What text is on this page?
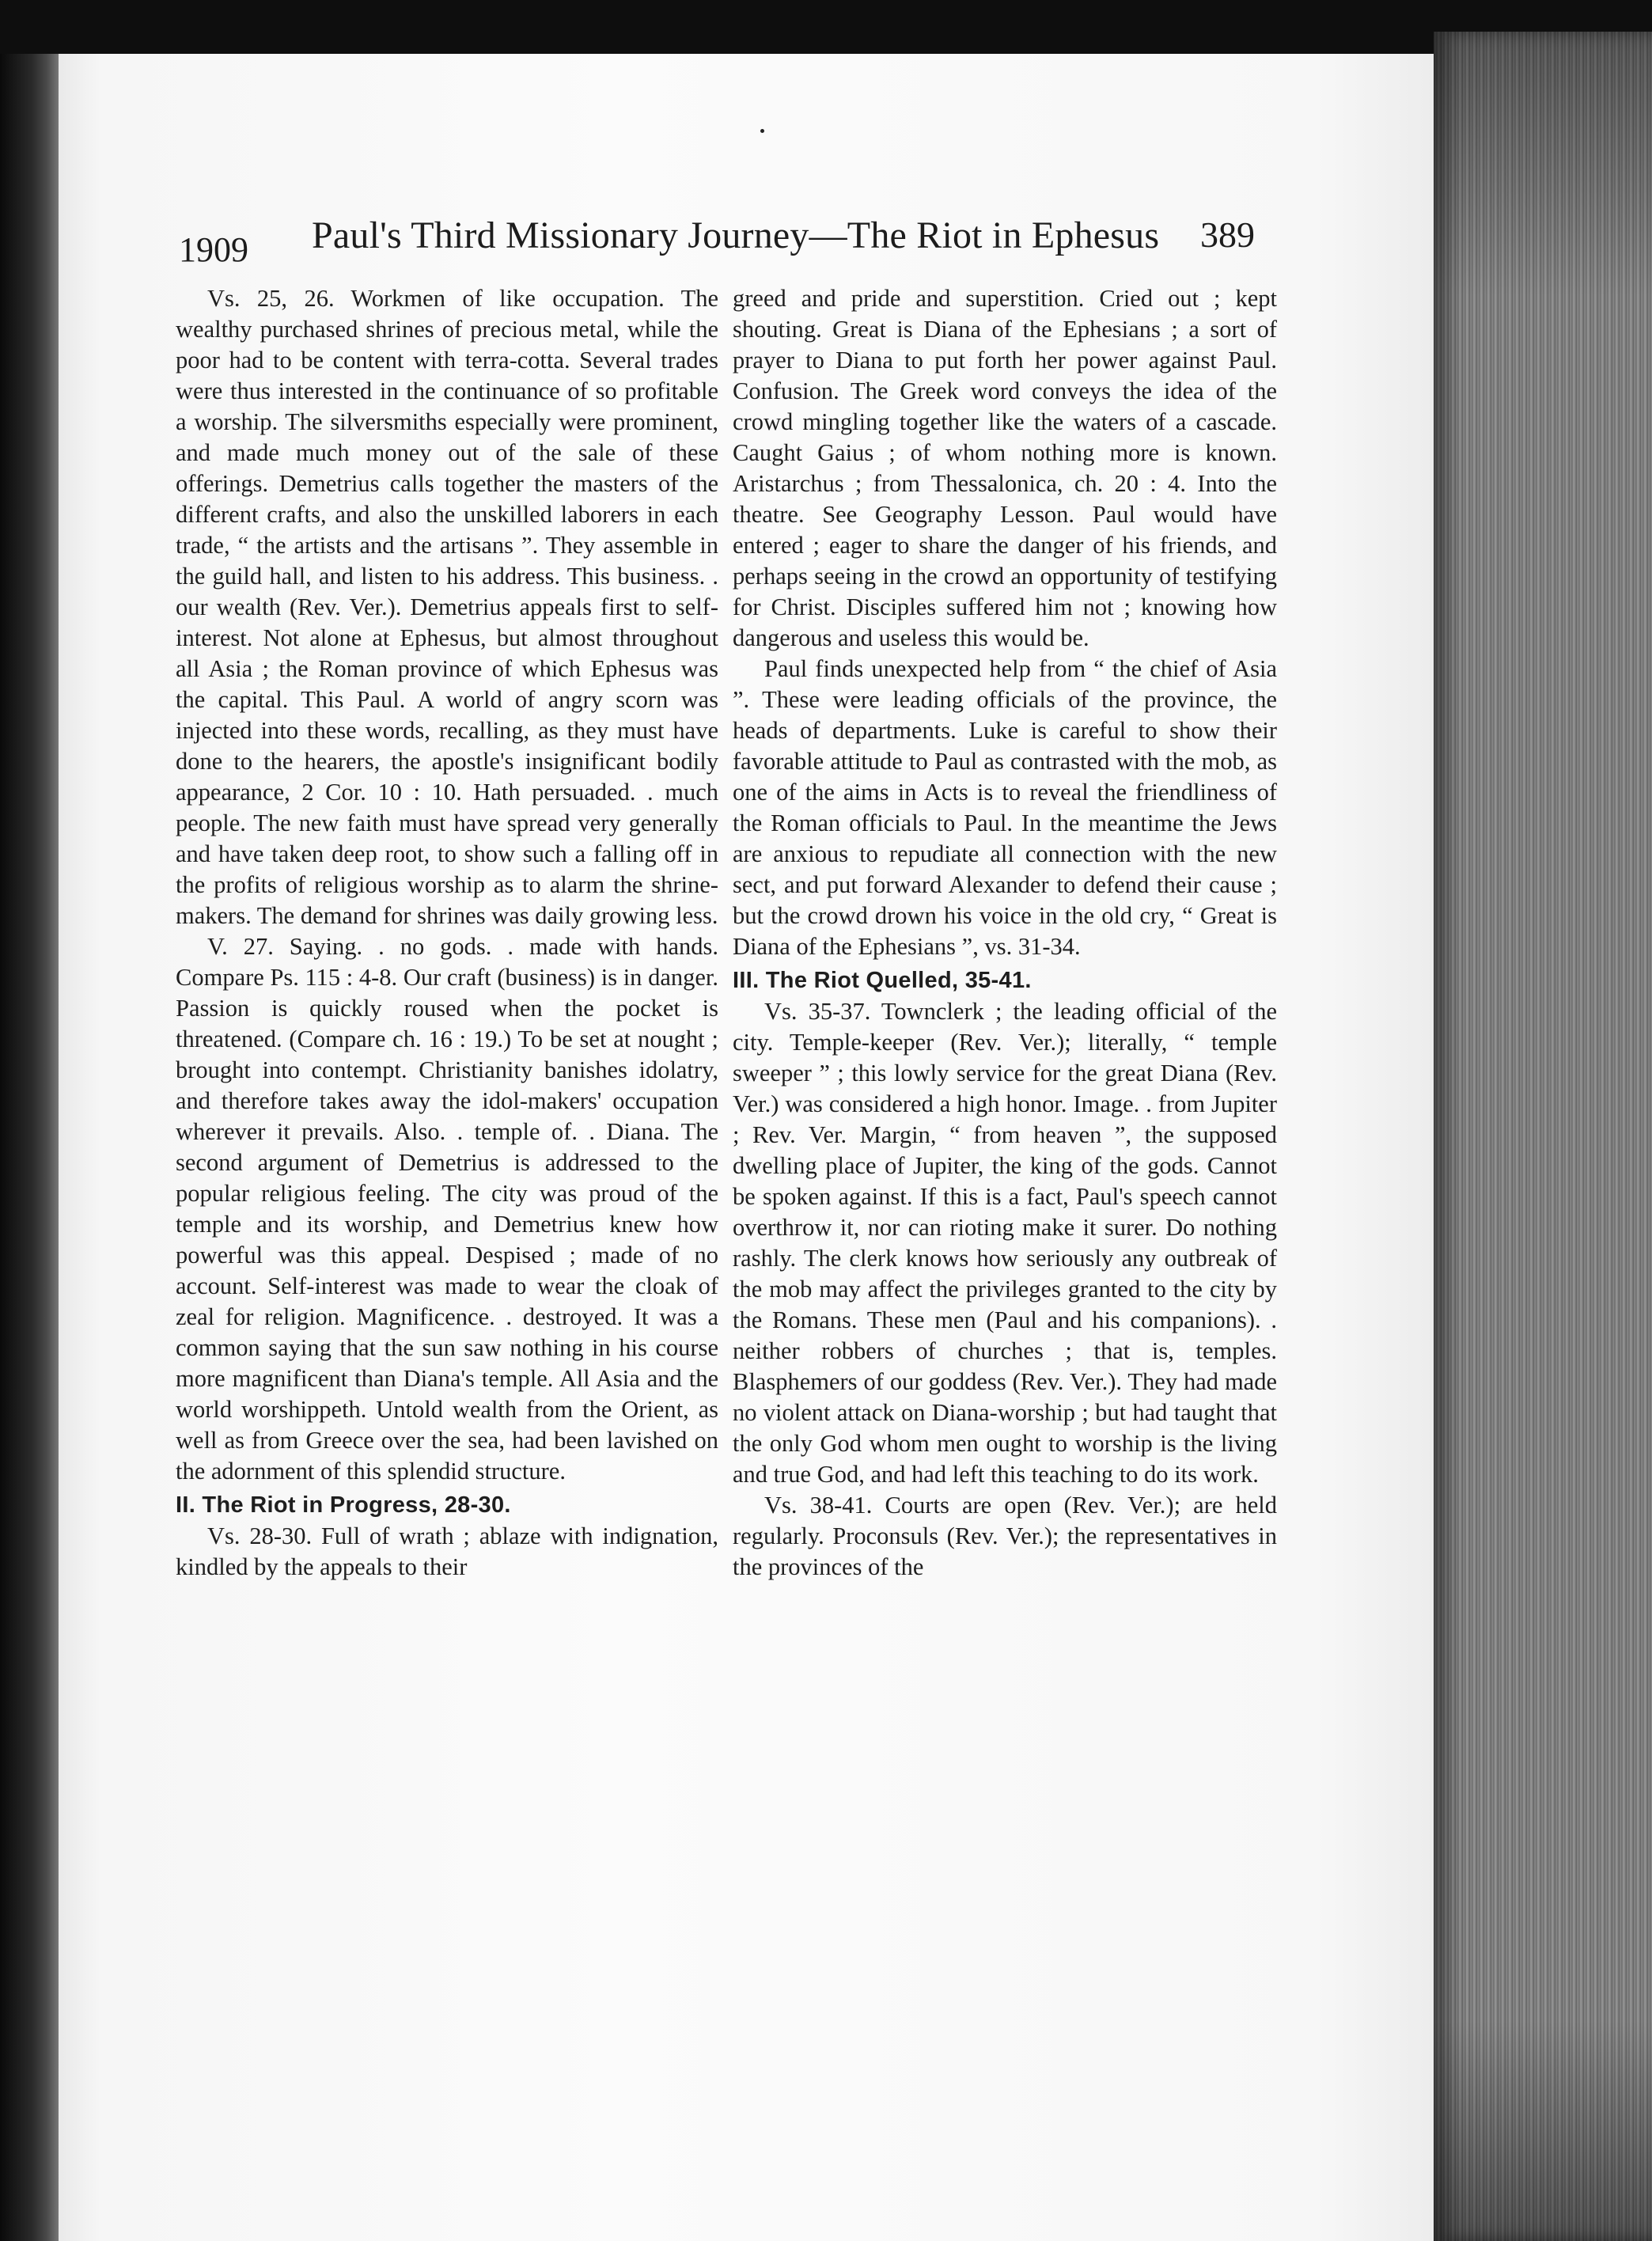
1909 Paul's Third Missionary Journey—The Riot in Ephesus 389

Vs. 25, 26. Workmen of like occupation. The wealthy purchased shrines of precious metal, while the poor had to be content with terra-cotta. Several trades were thus interested in the continuance of so profitable a worship. The silversmiths especially were prominent, and made much money out of the sale of these offerings. Demetrius calls together the masters of the different crafts, and also the unskilled laborers in each trade, “ the artists and the artisans ”. They assemble in the guild hall, and listen to his address. This business. . our wealth (Rev. Ver.). Demetrius appeals first to self-interest. Not alone at Ephesus, but almost throughout all Asia ; the Roman province of which Ephesus was the capital. This Paul. A world of angry scorn was injected into these words, recalling, as they must have done to the hearers, the apostle's insignificant bodily appearance, 2 Cor. 10 : 10. Hath persuaded. . much people. The new faith must have spread very generally and have taken deep root, to show such a falling off in the profits of religious worship as to alarm the shrine-makers. The demand for shrines was daily growing less.

V. 27. Saying. . no gods. . made with hands. Compare Ps. 115 : 4-8. Our craft (business) is in danger. Passion is quickly roused when the pocket is threatened. (Compare ch. 16 : 19.) To be set at nought ; brought into contempt. Christianity banishes idolatry, and therefore takes away the idol-makers' occupation wherever it prevails. Also. . temple of. . Diana. The second argument of Demetrius is addressed to the popular religious feeling. The city was proud of the temple and its worship, and Demetrius knew how powerful was this appeal. Despised ; made of no account. Self-interest was made to wear the cloak of zeal for religion. Magnificence. . destroyed. It was a common saying that the sun saw nothing in his course more magnificent than Diana's temple. All Asia and the world worshippeth. Untold wealth from the Orient, as well as from Greece over the sea, had been lavished on the adornment of this splendid structure.

II. The Riot in Progress, 28-30.

Vs. 28-30. Full of wrath ; ablaze with indignation, kindled by the appeals to their

greed and pride and superstition. Cried out ; kept shouting. Great is Diana of the Ephesians ; a sort of prayer to Diana to put forth her power against Paul. Confusion. The Greek word conveys the idea of the crowd mingling together like the waters of a cascade. Caught Gaius ; of whom nothing more is known. Aristarchus ; from Thessalonica, ch. 20 : 4. Into the theatre. See Geography Lesson. Paul would have entered ; eager to share the danger of his friends, and perhaps seeing in the crowd an opportunity of testifying for Christ. Disciples suffered him not ; knowing how dangerous and useless this would be.

Paul finds unexpected help from “ the chief of Asia ”. These were leading officials of the province, the heads of departments. Luke is careful to show their favorable attitude to Paul as contrasted with the mob, as one of the aims in Acts is to reveal the friendliness of the Roman officials to Paul. In the meantime the Jews are anxious to repudiate all connection with the new sect, and put forward Alexander to defend their cause ; but the crowd drown his voice in the old cry, “ Great is Diana of the Ephesians ”, vs. 31-34.

III. The Riot Quelled, 35-41.

Vs. 35-37. Townclerk ; the leading official of the city. Temple-keeper (Rev. Ver.); literally, “ temple sweeper ” ; this lowly service for the great Diana (Rev. Ver.) was considered a high honor. Image. . from Jupiter ; Rev. Ver. Margin, “ from heaven ”, the supposed dwelling place of Jupiter, the king of the gods. Cannot be spoken against. If this is a fact, Paul's speech cannot overthrow it, nor can rioting make it surer. Do nothing rashly. The clerk knows how seriously any outbreak of the mob may affect the privileges granted to the city by the Romans. These men (Paul and his companions). . neither robbers of churches ; that is, temples. Blasphemers of our goddess (Rev. Ver.). They had made no violent attack on Diana-worship ; but had taught that the only God whom men ought to worship is the living and true God, and had left this teaching to do its work.

Vs. 38-41. Courts are open (Rev. Ver.); are held regularly. Proconsuls (Rev. Ver.); the representatives in the provinces of the
